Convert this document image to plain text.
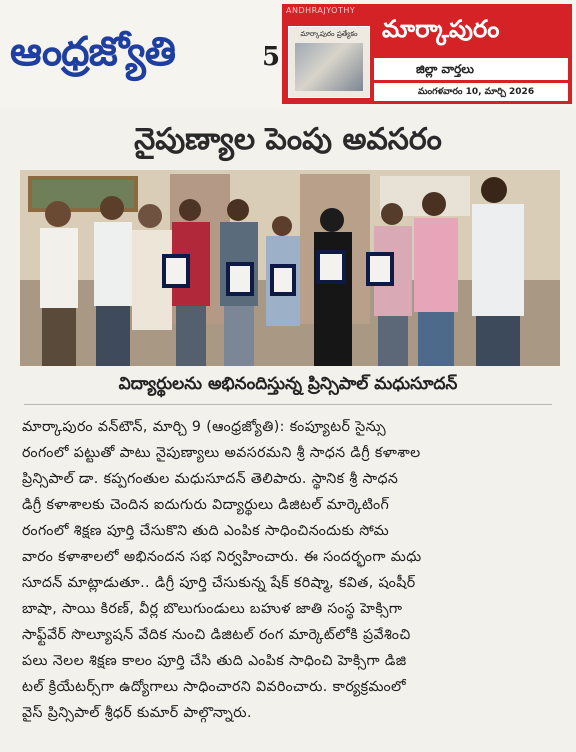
ఆంధ్రజ్యోతి	5
ANDHRAJYOTHY
మార్కాపురం ప్రత్యేకం	మార్కాపురం
జిల్లా వార్తలు
మంగళవారం 10, మార్చి 2026
నైపుణ్యాల పెంపు అవసరం
విద్యార్థులను అభినందిస్తున్న ప్రిన్సిపాల్ మధుసూదన్
మార్కాపురం వన్‌టౌన్, మార్చి 9 (ఆంధ్రజ్యోతి): కంప్యూటర్ సైన్సు
రంగంలో పట్టుతో పాటు నైపుణ్యాలు అవసరమని శ్రీ సాధన డిగ్రీ కళాశాల
ప్రిన్సిపాల్ డా. కప్పగంతుల మధుసూదన్ తెలిపారు. స్థానిక శ్రీ సాధన
డిగ్రీ కళాశాలకు చెందిన ఐదుగురు విద్యార్థులు డిజిటల్ మార్కెటింగ్
రంగంలో శిక్షణ పూర్తి చేసుకొని తుది ఎంపిక సాధించినందుకు సోమ
వారం కళాశాలలో అభినందన సభ నిర్వహించారు. ఈ సందర్భంగా మధు
సూదన్ మాట్లాడుతూ.. డిగ్రీ పూర్తి చేసుకున్న షేక్ కరిష్మా, కవిత, షంషీర్
బాషా, సాయి కిరణ్, వీర్ల బొలుగుండులు బహుళ జాతి సంస్థ హెక్సిగా
సాఫ్ట్‌వేర్ సొల్యూషన్ వేదిక నుంచి డిజిటల్ రంగ మార్కెట్‌లోకి ప్రవేశించి
పలు నెలల శిక్షణ కాలం పూర్తి చేసి తుది ఎంపిక సాధించి హెక్సిగా డిజి
టల్ క్రియేటర్స్‌గా ఉద్యోగాలు సాధించారని వివరించారు. కార్యక్రమంలో
వైస్ ప్రిన్సిపాల్ శ్రీధర్ కుమార్ పాల్గొన్నారు.
